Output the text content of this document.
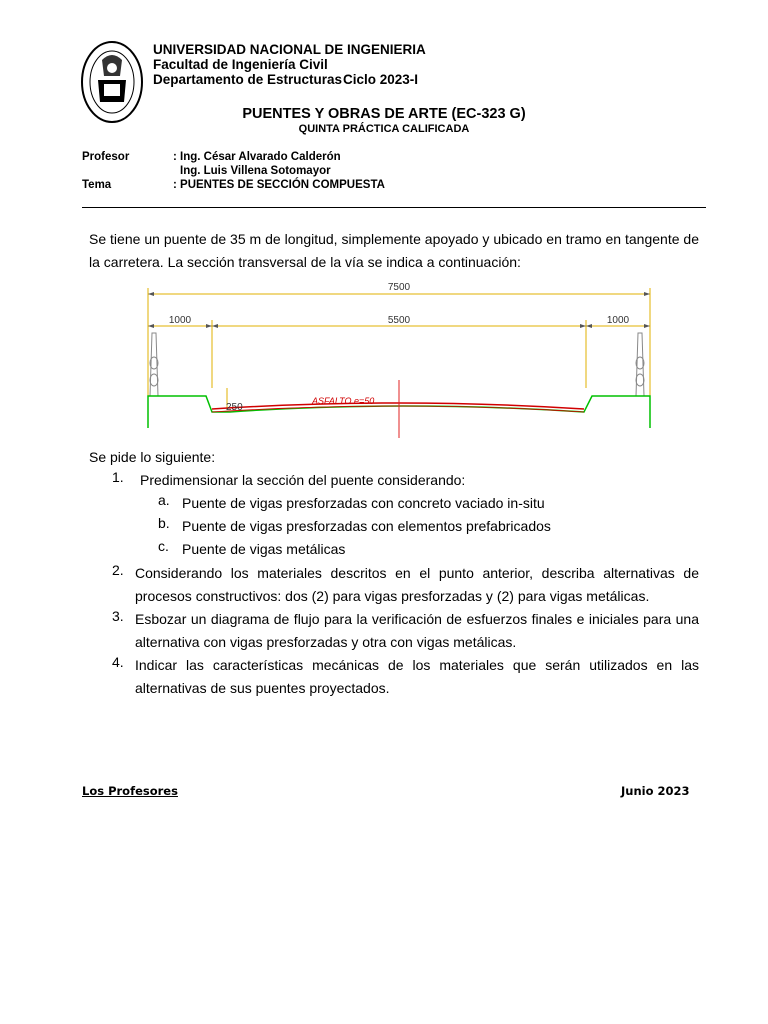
UNIVERSIDAD NACIONAL DE INGENIERIA
Facultad de Ingeniería Civil
Departamento de Estructuras Ciclo 2023-I
PUENTES Y OBRAS DE ARTE (EC-323 G)
QUINTA PRÁCTICA CALIFICADA
Profesor	: Ing. César Alvarado Calderón
Ing. Luis Villena Sotomayor
Tema	: PUENTES DE SECCIÓN COMPUESTA
Se tiene un puente de 35 m de longitud, simplemente apoyado y ubicado en tramo en tangente de la carretera. La sección transversal de la vía se indica a continuación:
7500
1000	5500	1000
ASFALTO e=50
250
Se pide lo siguiente:
1. Predimensionar la sección del puente considerando:
a. Puente de vigas presforzadas con concreto vaciado in-situ
b. Puente de vigas presforzadas con elementos prefabricados
c. Puente de vigas metálicas
2. Considerando los materiales descritos en el punto anterior, describa alternativas de procesos constructivos: dos (2) para vigas presforzadas y (2) para vigas metálicas.
3. Esbozar un diagrama de flujo para la verificación de esfuerzos finales e iniciales para una alternativa con vigas presforzadas y otra con vigas metálicas.
4. Indicar las características mecánicas de los materiales que serán utilizados en las alternativas de sus puentes proyectados.
Los Profesores	Junio 2023
